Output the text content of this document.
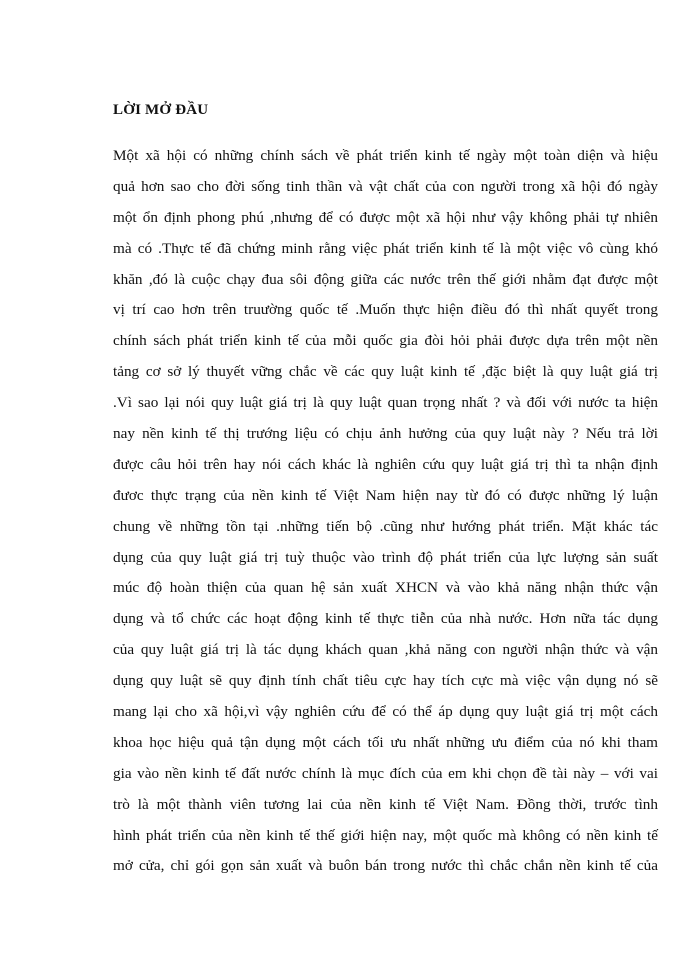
LỜI MỞ ĐẦU
Một xã hội có những chính sách về phát triển kinh tế ngày một toàn diện và hiệu
quả hơn sao cho đời sống tinh thần và vật chất của con người trong xã hội đó ngày
một ổn định phong phú ,nhưng để có được một xã hội như vậy không phải tự nhiên
mà có .Thực tế đã chứng minh rằng việc phát triển kinh tế là một việc vô cùng khó
khăn ,đó là cuộc chạy đua sôi động giữa các nước trên thế giới nhằm đạt được một
vị trí cao hơn trên truường quốc tế .Muốn thực hiện điều đó thì nhất quyết trong
chính sách phát triển kinh tế của mỗi quốc gia đòi hỏi phải được dựa trên một nền
tảng cơ sở lý thuyết vững chắc về các quy luật kinh tế ,đặc biệt là quy luật giá trị
.Vì sao lại nói quy luật giá trị là quy luật quan trọng nhất ? và đối với nước ta hiện
nay nền kinh tế thị trướng liệu có chịu ảnh hưởng của quy luật này ? Nếu trả lời
được câu hỏi trên hay nói cách khác là nghiên cứu quy luật giá trị thì ta nhận định
đươc thực trạng của nền kinh tế Việt Nam hiện nay từ đó có được những lý luận
chung về những tồn tại .những tiến bộ .cũng như hướng phát triển. Mặt khác tác
dụng của quy luật giá trị tuỳ thuộc vào trình độ phát triển của lực lượng sản suất
múc độ hoàn thiện của quan hệ sản xuất XHCN và vào khả năng nhận thức vận
dụng và tổ chức các hoạt động kinh tế thực tiễn của nhà nước. Hơn nữa tác dụng
của quy luật giá trị là tác dụng khách quan ,khả năng con người nhận thức và vận
dụng quy luật sẽ quy định tính chất tiêu cực hay tích cực mà việc vận dụng nó sẽ
mang lại cho xã hội,vì vậy nghiên cứu để có thể áp dụng quy luật giá trị một cách
khoa học hiệu quả tận dụng một cách tối ưu nhất những ưu điểm của nó khi tham
gia vào nền kinh tế đất nước chính là mục đích của em khi chọn đề tài này – với vai
trò là một thành viên tương lai của nền kinh tế Việt Nam. Đồng thời, trước tình
hình phát triển của nền kinh tế thế giới hiện nay, một quốc mà không có nền kinh tế
mở cửa, chỉ gói gọn sản xuất và buôn bán trong nước thì chắc chắn nền kinh tế của
